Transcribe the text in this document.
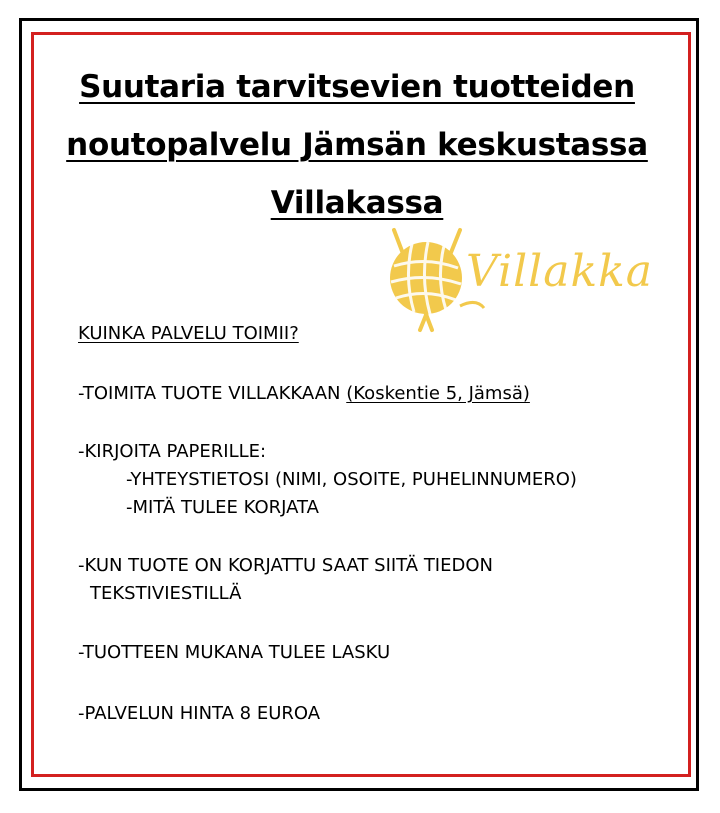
Suutaria tarvitsevien tuotteiden
noutopalvelu Jämsän keskustassa
Villakassa
Villakka
KUINKA PALVELU TOIMII?
-TOIMITA TUOTE VILLAKKAAN (Koskentie 5, Jämsä)
-KIRJOITA PAPERILLE:
-YHTEYSTIETOSI (NIMI, OSOITE, PUHELINNUMERO)
-MITÄ TULEE KORJATA
-KUN TUOTE ON KORJATTU SAAT SIITÄ TIEDON
TEKSTIVIESTILLÄ
-TUOTTEEN MUKANA TULEE LASKU
-PALVELUN HINTA 8 EUROA
